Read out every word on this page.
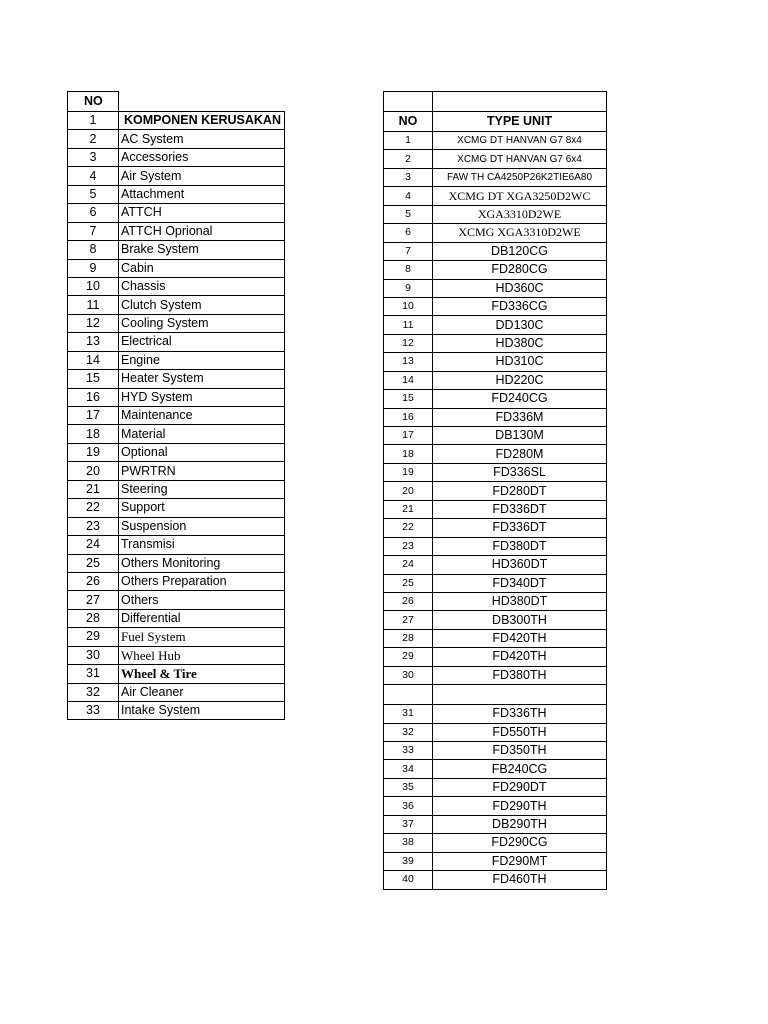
NO	
1	KOMPONEN KERUSAKAN
2	AC System
3	Accessories
4	Air System
5	Attachment
6	ATTCH
7	ATTCH Oprional
8	Brake System
9	Cabin
10	Chassis
11	Clutch System
12	Cooling System
13	Electrical
14	Engine
15	Heater System
16	HYD System
17	Maintenance
18	Material
19	Optional
20	PWRTRN
21	Steering
22	Support
23	Suspension
24	Transmisi
25	Others Monitoring
26	Others Preparation
27	Others
28	Differential
29	Fuel System
30	Wheel Hub
31	Wheel & Tire
32	Air Cleaner
33	Intake System

NO	TYPE UNIT
1	XCMG DT HANVAN G7 8x4
2	XCMG DT HANVAN G7 6x4
3	FAW TH CA4250P26K2TIE6A80
4	XCMG DT XGA3250D2WC
5	XGA3310D2WE
6	XCMG XGA3310D2WE
7	DB120CG
8	FD280CG
9	HD360C
10	FD336CG
11	DD130C
12	HD380C
13	HD310C
14	HD220C
15	FD240CG
16	FD336M
17	DB130M
18	FD280M
19	FD336SL
20	FD280DT
21	FD336DT
22	FD336DT
23	FD380DT
24	HD360DT
25	FD340DT
26	HD380DT
27	DB300TH
28	FD420TH
29	FD420TH
30	FD380TH

31	FD336TH
32	FD550TH
33	FD350TH
34	FB240CG
35	FD290DT
36	FD290TH
37	DB290TH
38	FD290CG
39	FD290MT
40	FD460TH
